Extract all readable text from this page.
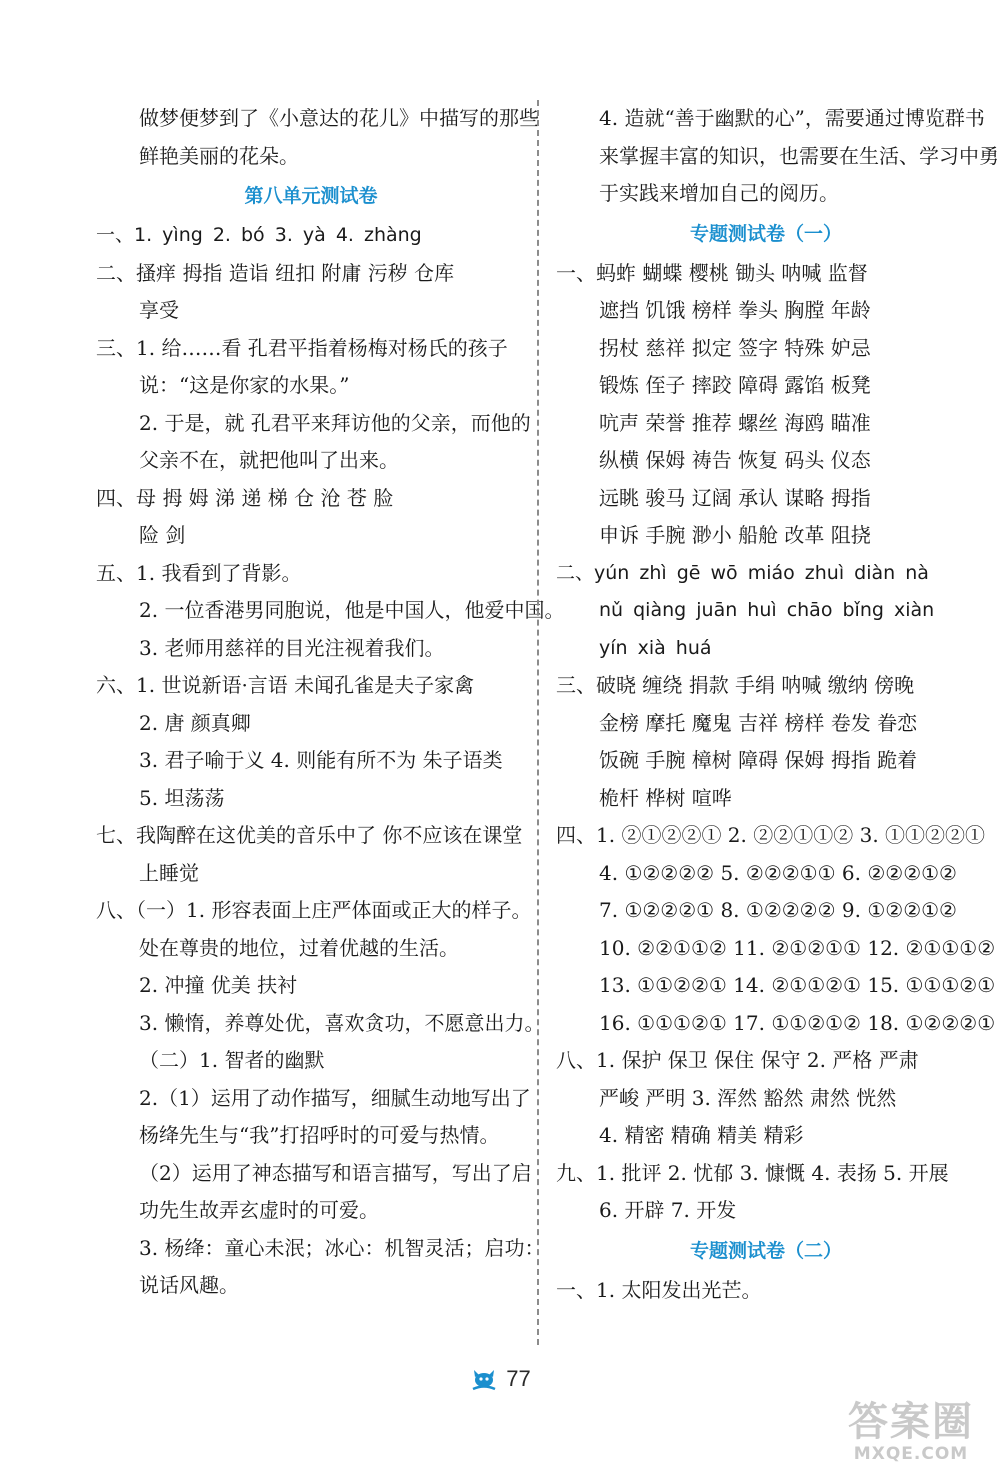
做梦便梦到了《小意达的花儿》中描写的那些
鲜艳美丽的花朵。
第八单元测试卷
一、1. yìng 2. bó 3. yà 4. zhàng
二、搔痒 拇指 造诣 纽扣 附庸 污秽 仓库
享受
三、1. 给……看 孔君平指着杨梅对杨氏的孩子
说：“这是你家的水果。”
2. 于是，就 孔君平来拜访他的父亲，而他的
父亲不在，就把他叫了出来。
四、母 拇 姆 涕 递 梯 仓 沧 苍 脸
险 剑
五、1. 我看到了背影。
2. 一位香港男同胞说，他是中国人，他爱中国。
3. 老师用慈祥的目光注视着我们。
六、1. 世说新语·言语 未闻孔雀是夫子家禽
2. 唐 颜真卿
3. 君子喻于义 4. 则能有所不为 朱子语类
5. 坦荡荡
七、我陶醉在这优美的音乐中了 你不应该在课堂
上睡觉
八、（一）1. 形容表面上庄严体面或正大的样子。
处在尊贵的地位，过着优越的生活。
2. 冲撞 优美 扶衬
3. 懒惰，养尊处优，喜欢贪功，不愿意出力。
（二）1. 智者的幽默
2.（1）运用了动作描写，细腻生动地写出了
杨绛先生与“我”打招呼时的可爱与热情。
（2）运用了神态描写和语言描写，写出了启
功先生故弄玄虚时的可爱。
3. 杨绛：童心未泯；冰心：机智灵活；启功：
说话风趣。
4. 造就“善于幽默的心”，需要通过博览群书
来掌握丰富的知识，也需要在生活、学习中勇
于实践来增加自己的阅历。
专题测试卷（一）
一、蚂蚱 蝴蝶 樱桃 锄头 呐喊 监督
遮挡 饥饿 榜样 拳头 胸膛 年龄
拐杖 慈祥 拟定 签字 特殊 妒忌
锻炼 侄子 摔跤 障碍 露馅 板凳
吭声 荣誉 推荐 螺丝 海鸥 瞄准
纵横 保姆 祷告 恢复 码头 仪态
远眺 骏马 辽阔 承认 谋略 拇指
申诉 手腕 渺小 船舱 改革 阻挠
二、yún zhì gē wō miáo zhuì diàn nà
nǔ qiàng juān huì chāo bǐng xiàn
yín xià huá
三、破晓 缠绕 捐款 手绢 呐喊 缴纳 傍晚
金榜 摩托 魔鬼 吉祥 榜样 卷发 眷恋
饭碗 手腕 樟树 障碍 保姆 拇指 跪着
桅杆 桦树 喧哗
四、1. ②①②②① 2. ②②①①② 3. ①①②②①
4. ①②②②② 5. ②②②①① 6. ②②②①②
7. ①②②②① 8. ①②②②② 9. ①②②①②
10. ②②①①② 11. ②①②①① 12. ②①①①②
13. ①①②②① 14. ②①①②① 15. ①①①②①
16. ①①①②① 17. ①①②①② 18. ①②②②①
八、1. 保护 保卫 保住 保守 2. 严格 严肃
严峻 严明 3. 浑然 豁然 肃然 恍然
4. 精密 精确 精美 精彩
九、1. 批评 2. 忧郁 3. 慷慨 4. 表扬 5. 开展
6. 开辟 7. 开发
专题测试卷（二）
一、1. 太阳发出光芒。
77
答案圈
MXQE.COM
